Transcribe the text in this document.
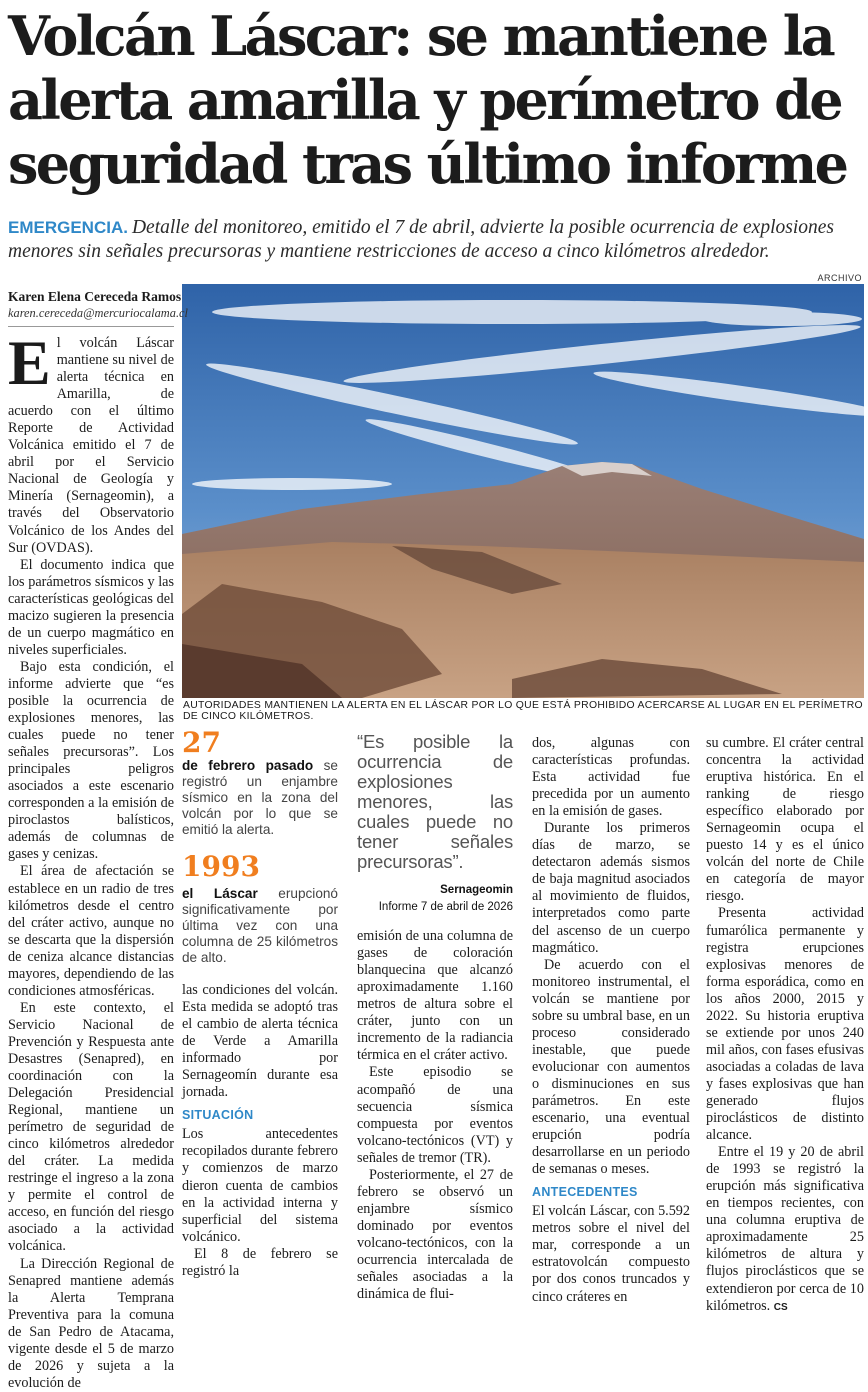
Volcán Láscar: se mantiene la alerta amarilla y perímetro de seguridad tras último informe
EMERGENCIA. Detalle del monitoreo, emitido el 7 de abril, advierte la posible ocurrencia de explosiones menores sin señales precursoras y mantiene restricciones de acceso a cinco kilómetros alrededor.
ARCHIVO
AUTORIDADES MANTIENEN LA ALERTA EN EL LÁSCAR POR LO QUE ESTÁ PROHIBIDO ACERCARSE AL LUGAR EN EL PERÍMETRO DE CINCO KILÓMETROS.
Karen Elena Cereceda Ramos
karen.cereceda@mercuriocalama.cl

El volcán Láscar mantiene su nivel de alerta técnica en Amarilla, de acuerdo con el último Reporte de Actividad Volcánica emitido el 7 de abril por el Servicio Nacional de Geología y Minería (Sernageomin), a través del Observatorio Volcánico de los Andes del Sur (OVDAS).

El documento indica que los parámetros sísmicos y las características geológicas del macizo sugieren la presencia de un cuerpo magmático en niveles superficiales.

Bajo esta condición, el informe advierte que “es posible la ocurrencia de explosiones menores, las cuales puede no tener señales precursoras”. Los principales peligros asociados a este escenario corresponden a la emisión de piroclastos balísticos, además de columnas de gases y cenizas.

El área de afectación se establece en un radio de tres kilómetros desde el centro del cráter activo, aunque no se descarta que la dispersión de ceniza alcance distancias mayores, dependiendo de las condiciones atmosféricas.

En este contexto, el Servicio Nacional de Prevención y Respuesta ante Desastres (Senapred), en coordinación con la Delegación Presidencial Regional, mantiene un perímetro de seguridad de cinco kilómetros alrededor del cráter. La medida restringe el ingreso a la zona y permite el control de acceso, en función del riesgo asociado a la actividad volcánica.

La Dirección Regional de Senapred mantiene además la Alerta Temprana Preventiva para la comuna de San Pedro de Atacama, vigente desde el 5 de marzo de 2026 y sujeta a la evolución de

27
de febrero pasado se registró un enjambre sísmico en la zona del volcán por lo que se emitió la alerta.
1993
el Láscar erupcionó significativamente por última vez con una columna de 25 kilómetros de alto.

las condiciones del volcán. Esta medida se adoptó tras el cambio de alerta técnica de Verde a Amarilla informado por Sernageomín durante esa jornada.

SITUACIÓN

Los antecedentes recopilados durante febrero y comienzos de marzo dieron cuenta de cambios en la actividad interna y superficial del sistema volcánico.

El 8 de febrero se registró la

“Es posible la ocurrencia de explosiones menores, las cuales puede no tener señales precursoras”.
Sernageomin
Informe 7 de abril de 2026

emisión de una columna de gases de coloración blanquecina que alcanzó aproximadamente 1.160 metros de altura sobre el cráter, junto con un incremento de la radiancia térmica en el cráter activo.

Este episodio se acompañó de una secuencia sísmica compuesta por eventos volcano-tectónicos (VT) y señales de tremor (TR).

Posteriormente, el 27 de febrero se observó un enjambre sísmico dominado por eventos volcano-tectónicos, con la ocurrencia intercalada de señales asociadas a la dinámica de flui-

dos, algunas con características profundas. Esta actividad fue precedida por un aumento en la emisión de gases.

Durante los primeros días de marzo, se detectaron además sismos de baja magnitud asociados al movimiento de fluidos, interpretados como parte del ascenso de un cuerpo magmático.

De acuerdo con el monitoreo instrumental, el volcán se mantiene por sobre su umbral base, en un proceso considerado inestable, que puede evolucionar con aumentos o disminuciones en sus parámetros. En este escenario, una eventual erupción podría desarrollarse en un periodo de semanas o meses.

ANTECEDENTES

El volcán Láscar, con 5.592 metros sobre el nivel del mar, corresponde a un estratovolcán compuesto por dos conos truncados y cinco cráteres en

su cumbre. El cráter central concentra la actividad eruptiva histórica. En el ranking de riesgo específico elaborado por Sernageomin ocupa el puesto 14 y es el único volcán del norte de Chile en categoría de mayor riesgo.

Presenta actividad fumarólica permanente y registra erupciones explosivas menores de forma esporádica, como en los años 2000, 2015 y 2022. Su historia eruptiva se extiende por unos 240 mil años, con fases efusivas asociadas a coladas de lava y fases explosivas que han generado flujos piroclásticos de distinto alcance.

Entre el 19 y 20 de abril de 1993 se registró la erupción más significativa en tiempos recientes, con una columna eruptiva de aproximadamente 25 kilómetros de altura y flujos piroclásticos que se extendieron por cerca de 10 kilómetros. CS
